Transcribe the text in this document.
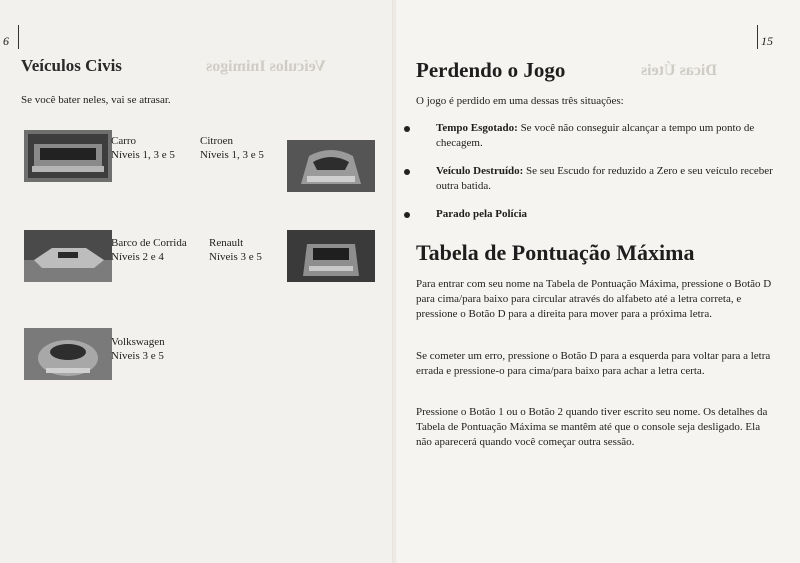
6	15
Veículos Inimigos	Dicas Úteis
Veículos Civis
Se você bater neles, vai se atrasar.
Carro
Níveis 1, 3 e 5
Citroen
Níveis 1, 3 e 5
Barco de Corrida
Níveis 2 e 4
Renault
Níveis 3 e 5
Volkswagen
Níveis 3 e 5
Perdendo o Jogo
O jogo é perdido em uma dessas três situações:
Tempo Esgotado: Se você não conseguir alcançar a tempo um ponto de checagem.
Veículo Destruído: Se seu Escudo for reduzido a Zero e seu veículo receber outra batida.
Parado pela Polícia
Tabela de Pontuação Máxima

Para entrar com seu nome na Tabela de Pontuação Máxima, pressione o Botão D para cima/para baixo para circular através do alfabeto até a letra correta, e pressione o Botão D para a direita para mover para a próxima letra.

Se cometer um erro, pressione o Botão D para a esquerda para voltar para a letra errada e pressione-o para cima/para baixo para achar a letra certa.

Pressione o Botão 1 ou o Botão 2 quando tiver escrito seu nome. Os detalhes da Tabela de Pontuação Máxima se mantêm até que o console seja desligado. Ela não aparecerá quando você começar outra sessão.
